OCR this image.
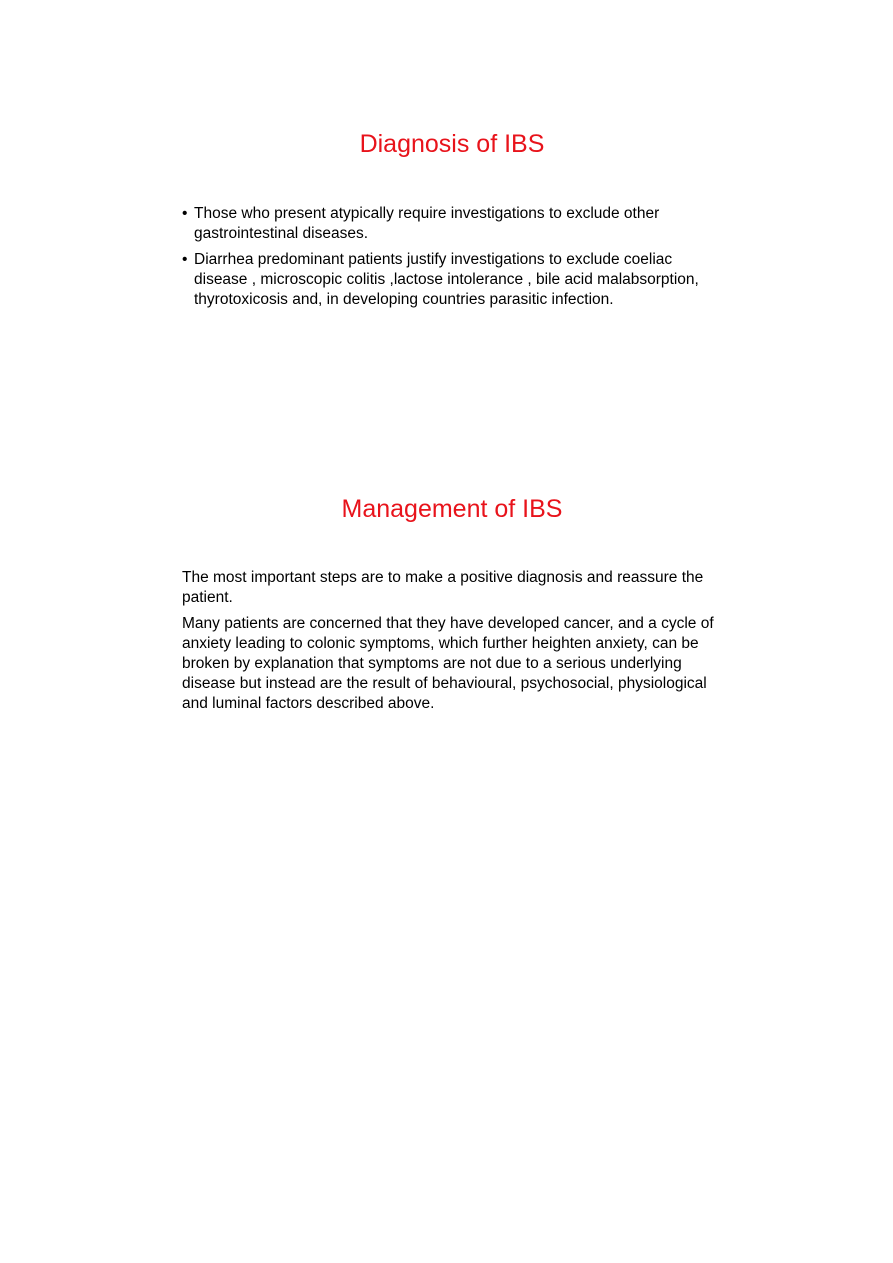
Diagnosis of IBS
• Those who present atypically require investigations to exclude other gastrointestinal diseases.
• Diarrhea predominant patients justify investigations to exclude coeliac disease , microscopic colitis ,lactose intolerance , bile acid malabsorption, thyrotoxicosis and, in developing countries parasitic infection.
Management of IBS

The most important steps are to make a positive diagnosis and reassure the patient.

Many patients are concerned that they have developed cancer, and a cycle of anxiety leading to colonic symptoms, which further heighten anxiety, can be broken by explanation that symptoms are not due to a serious underlying disease but instead are the result of behavioural, psychosocial, physiological and luminal factors described above.
